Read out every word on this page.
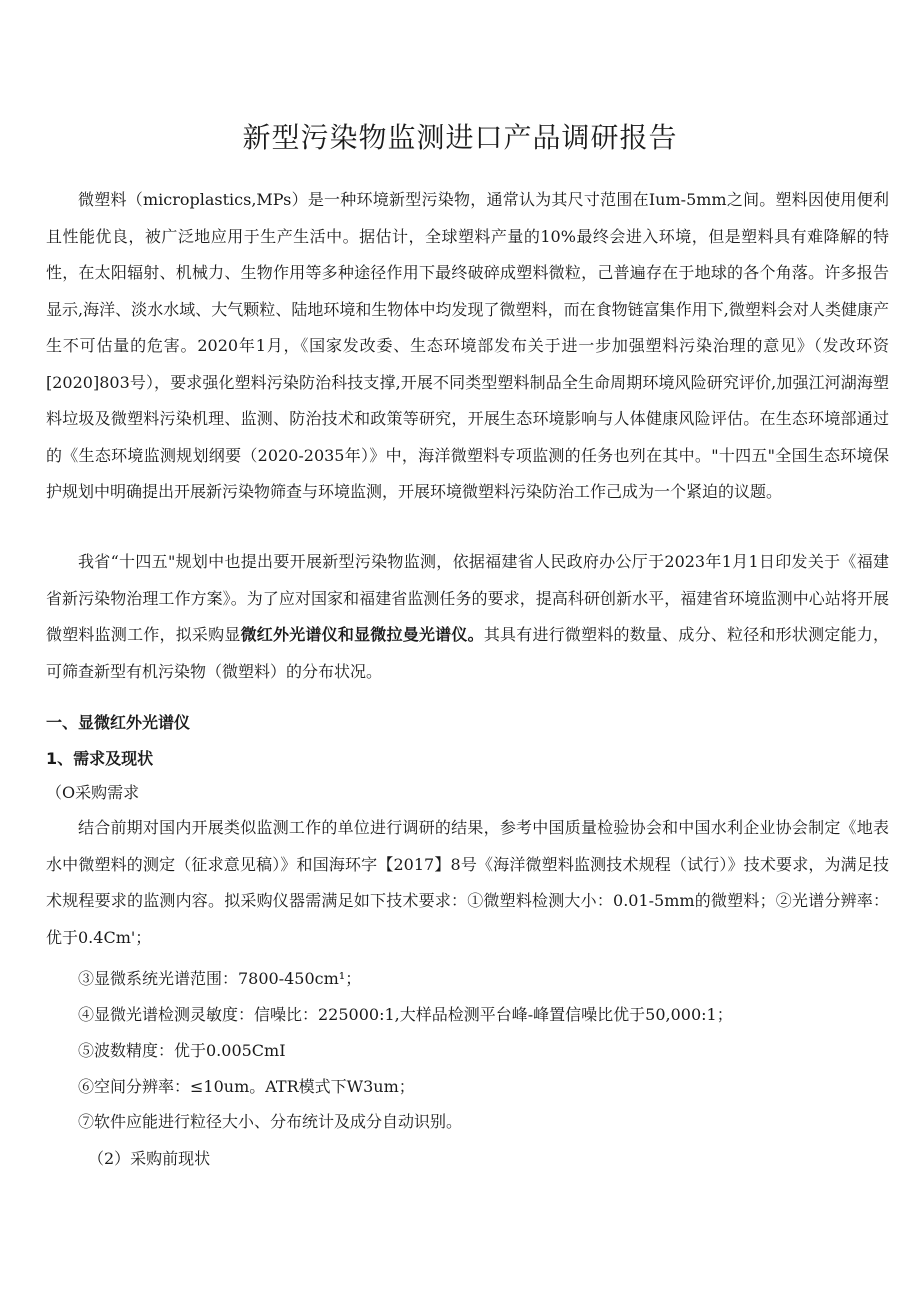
新型污染物监测进口产品调研报告

微塑料（microplastics,MPs）是一种环境新型污染物，通常认为其尺寸范围在Ium-5mm之间。塑料因使用便利且性能优良，被广泛地应用于生产生活中。据估计，全球塑料产量的10%最终会进入环境，但是塑料具有难降解的特性，在太阳辐射、机械力、生物作用等多种途径作用下最终破碎成塑料微粒，己普遍存在于地球的各个角落。许多报告显示,海洋、淡水水域、大气颗粒、陆地环境和生物体中均发现了微塑料，而在食物链富集作用下,微塑料会对人类健康产生不可估量的危害。2020年1月，《国家发改委、生态环境部发布关于进一步加强塑料污染治理的意见》（发改环资[2020]803号），要求强化塑料污染防治科技支撑,开展不同类型塑料制品全生命周期环境风险研究评价,加强江河湖海塑料垃圾及微塑料污染机理、监测、防治技术和政策等研究，开展生态环境影响与人体健康风险评估。在生态环境部通过的《生态环境监测规划纲要（2020-2035年）》中，海洋微塑料专项监测的任务也列在其中。"十四五"全国生态环境保护规划中明确提出开展新污染物筛查与环境监测，开展环境微塑料污染防治工作己成为一个紧迫的议题。

我省“十四五"规划中也提出要开展新型污染物监测，依据福建省人民政府办公厅于2023年1月1日印发关于《福建省新污染物治理工作方案》。为了应对国家和福建省监测任务的要求，提高科研创新水平，福建省环境监测中心站将开展微塑料监测工作，拟采购显微红外光谱仪和显微拉曼光谱仪。其具有进行微塑料的数量、成分、粒径和形状测定能力，可筛查新型有机污染物（微塑料）的分布状况。

一、显微红外光谱仪
1、需求及现状
（O采购需求

结合前期对国内开展类似监测工作的单位进行调研的结果，参考中国质量检验协会和中国水利企业协会制定《地表水中微塑料的测定（征求意见稿）》和国海环字【2017】8号《海洋微塑料监测技术规程（试行）》技术要求，为满足技术规程要求的监测内容。拟采购仪器需满足如下技术要求：①微塑料检测大小：0.01-5mm的微塑料；②光谱分辨率：优于0.4Cm'；

③显微系统光谱范围：7800-450cm¹；
④显微光谱检测灵敏度：信噪比：225000:1,大样品检测平台峰-峰置信噪比优于50,000:1；
⑤波数精度：优于0.005CmI
⑥空间分辨率：≤10um。ATR模式下W3um；
⑦软件应能进行粒径大小、分布统计及成分自动识别。
（2）采购前现状
